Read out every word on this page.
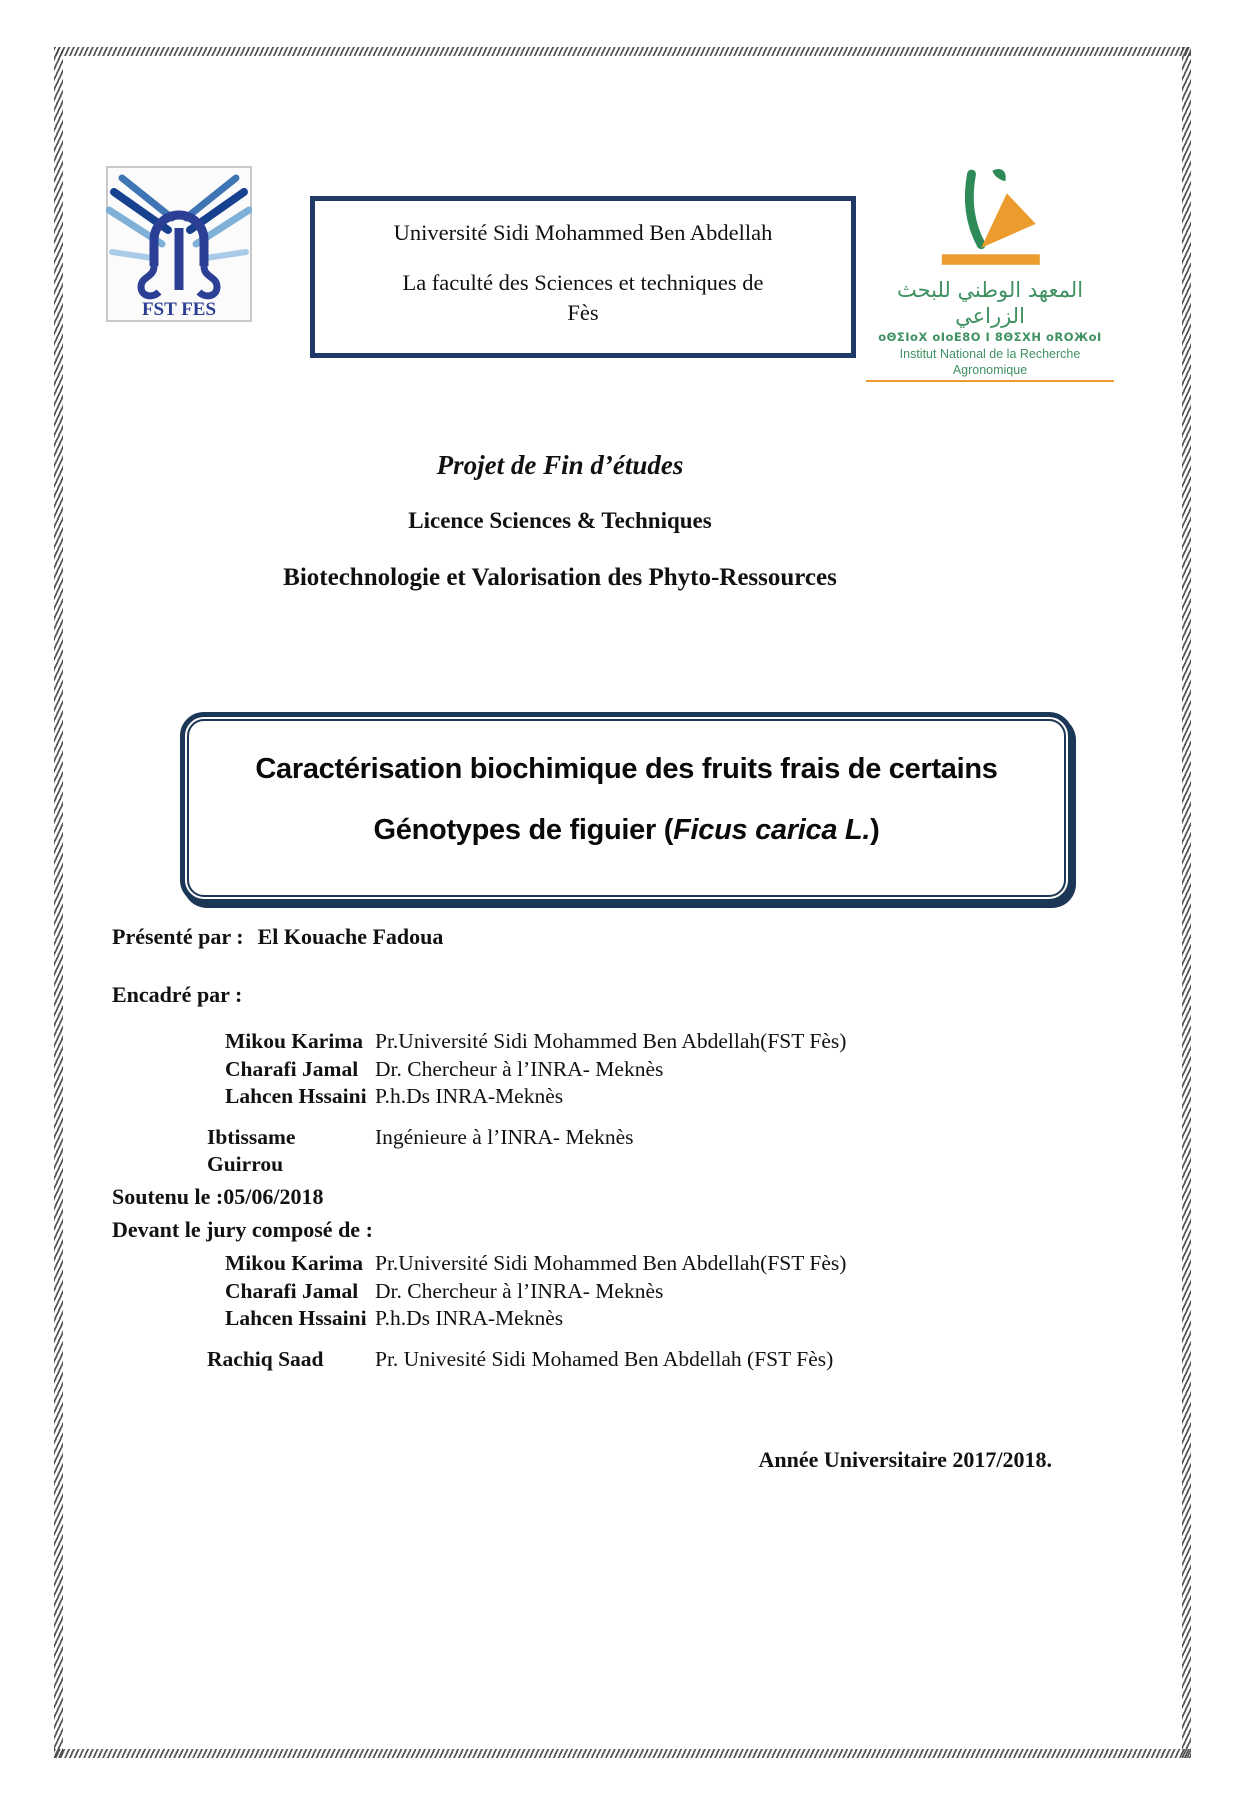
FST FES
Université Sidi Mohammed Ben Abdellah
La faculté des Sciences et techniques de
Fès
المعهد الوطني للبحث الزراعي
oΘΣIoX oIoE8O I 8ΘΣXH oROЖoI
Institut National de la Recherche Agronomique
Projet de Fin d’études
Licence Sciences & Techniques
Biotechnologie et Valorisation des Phyto-Ressources
Caractérisation biochimique des fruits frais de certains
Génotypes de figuier (Ficus carica L.)
Présenté par : El Kouache Fadoua
Encadré par :
Mikou Karima Pr.Université Sidi Mohammed Ben Abdellah(FST Fès)
Charafi Jamal Dr. Chercheur à l’INRA- Meknès
Lahcen Hssaini P.h.Ds INRA-Meknès
Ibtissame Guirrou
Ingénieure à l’INRA- Meknès
Soutenu le :05/06/2018
Devant le jury composé de :
Mikou Karima Pr.Université Sidi Mohammed Ben Abdellah(FST Fès)
Charafi Jamal Dr. Chercheur à l’INRA- Meknès
Lahcen Hssaini P.h.Ds INRA-Meknès
Rachiq Saad	Pr. Univesité Sidi Mohamed Ben Abdellah (FST Fès)
Année Universitaire 2017/2018.
